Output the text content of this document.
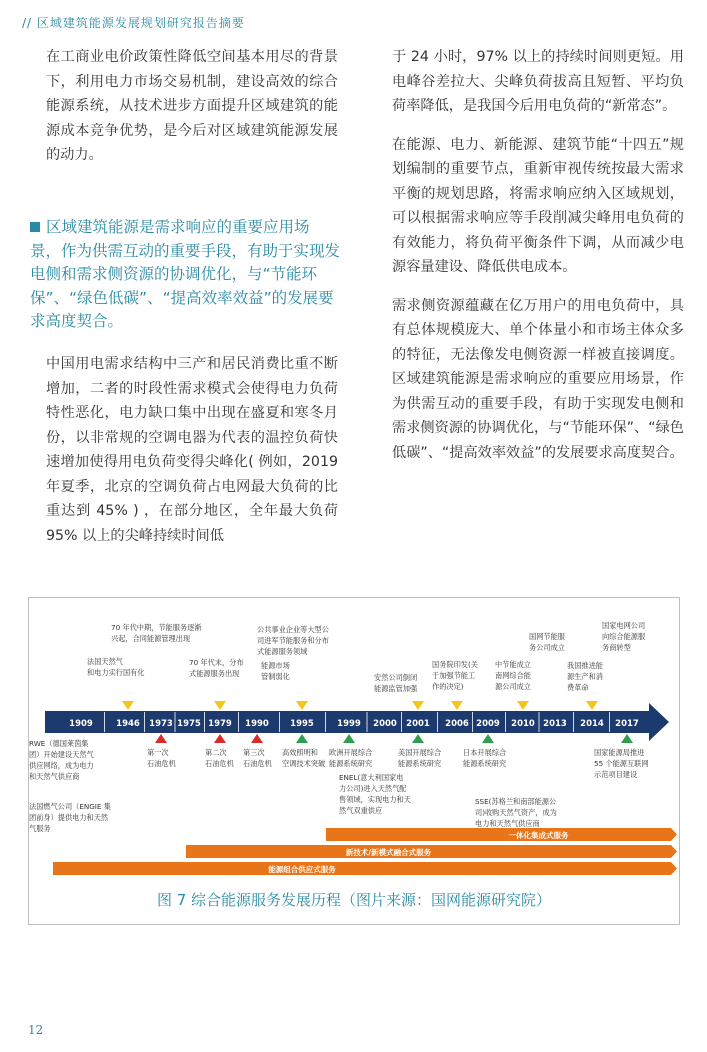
// 区域建筑能源发展规划研究报告摘要

在工商业电价政策性降低空间基本用尽的背景下，利用电力市场交易机制，建设高效的综合能源系统，从技术进步方面提升区域建筑的能源成本竞争优势，是今后对区域建筑能源发展的动力。

区域建筑能源是需求响应的重要应用场景，作为供需互动的重要手段，有助于实现发电侧和需求侧资源的协调优化，与“节能环保”、“绿色低碳”、“提高效率效益”的发展要求高度契合。

中国用电需求结构中三产和居民消费比重不断增加，二者的时段性需求模式会使得电力负荷特性恶化，电力缺口集中出现在盛夏和寒冬月份，以非常规的空调电器为代表的温控负荷快速增加使得用电负荷变得尖峰化( 例如，2019 年夏季，北京的空调负荷占电网最大负荷的比重达到 45% ) ，在部分地区，全年最大负荷 95% 以上的尖峰持续时间低

于 24 小时，97% 以上的持续时间则更短。用电峰谷差拉大、尖峰负荷拔高且短暂、平均负荷率降低，是我国今后用电负荷的“新常态”。

在能源、电力、新能源、建筑节能“十四五”规划编制的重要节点，重新审视传统按最大需求平衡的规划思路，将需求响应纳入区域规划，可以根据需求响应等手段削减尖峰用电负荷的有效能力，将负荷平衡条件下调，从而减少电源容量建设、降低供电成本。

需求侧资源蕴藏在亿万用户的用电负荷中，具有总体规模庞大、单个体量小和市场主体众多的特征，无法像发电侧资源一样被直接调度。区域建筑能源是需求响应的重要应用场景，作为供需互动的重要手段，有助于实现发电侧和需求侧资源的协调优化，与“节能环保”、“绿色低碳”、“提高效率效益”的发展要求高度契合。

1909	1946 1973 1975 1979 1990	1995	1999 2000 2001 2006 2009 2010 2013 2014 2017
70 年代中期，节能服务逐渐
兴起，合同能源管理出现
法国天然气
和电力实行国有化
70 年代末，分布
式能源服务出现
公共事业企业等大型公
司进军节能服务和分布
式能源服务领域
能源市场
管制弱化	安然公司倒闭
能源监管加强
国务院印发(关
于加强节能工
作的决定)
中节能成立
南网综合能
源公司成立
国网节能服
务公司成立
我国推进能
源生产和消
费革命
国家电网公司
向综合能源服
务商转型
RWE（德国莱茵集
团）开始建设天然气
供应网络，成为电力
和天然气供应商
第一次
石油危机
第二次
石油危机
第三次
石油危机
高效照明和
空调技术突破
欧洲开展综合
能源系统研究
美国开展综合
能源系统研究
日本开展综合
能源系统研究
国家能源局推进
55 个能源互联网
示范项目建设
法国燃气公司（ENGIE 集
团前身）提供电力和天然
气服务
ENEL(意大利国家电
力公司)进入天然气配
售领域，实现电力和天
然气双重供应
SSE(苏格兰和南部能源公
司)收购天然气资产，成为
电力和天然气供应商
一体化集成式服务
新技术/新模式融合式服务
能源组合供应式服务
图 7 综合能源服务发展历程（图片来源：国网能源研究院）
12
